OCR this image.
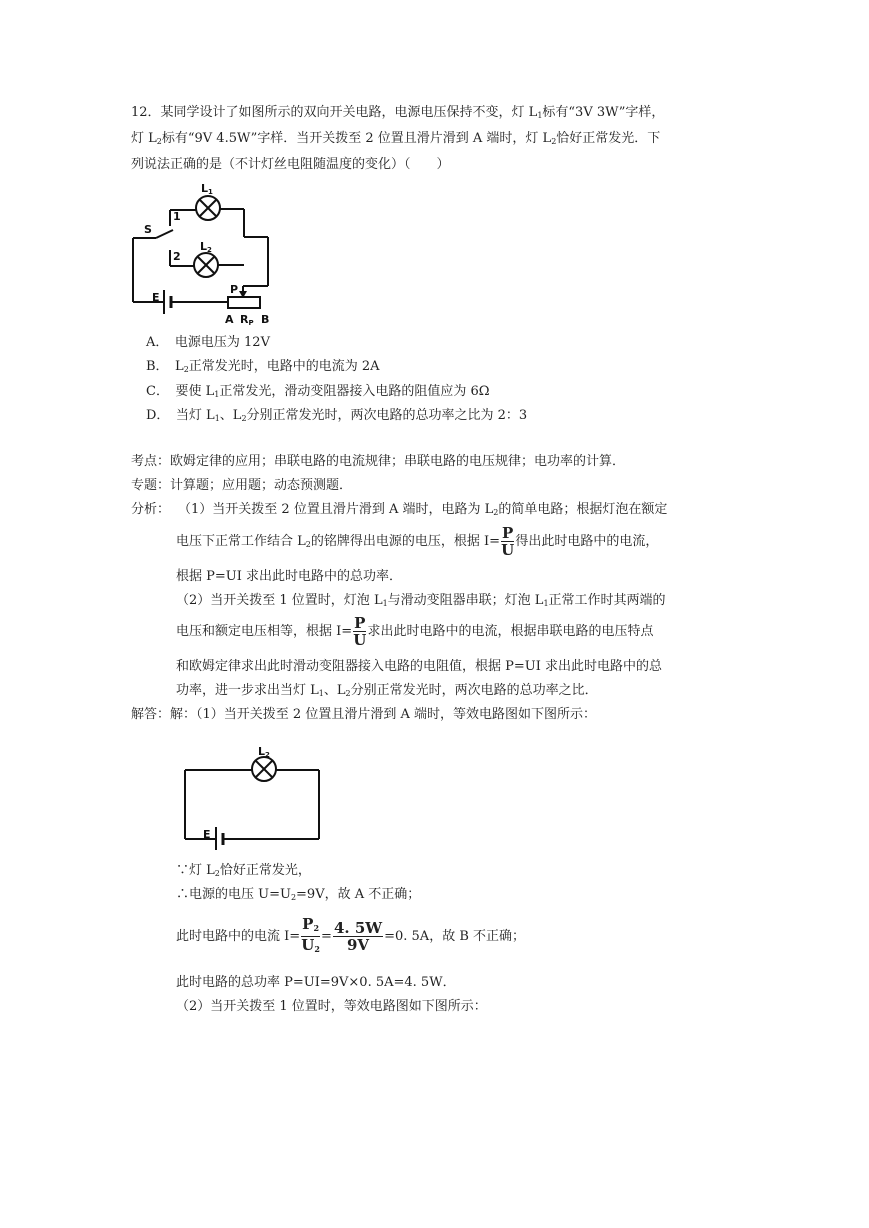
12．某同学设计了如图所示的双向开关电路，电源电压保持不变，灯 $L_1$标有“3V 3W”字样，
灯 $L_2$标有“9V 4.5W”字样．当开关拨至 2 位置且滑片滑到 A 端时，灯 $L_2$恰好正常发光．下
列说法正确的是（不计灯丝电阻随温度的变化）（　　）
L1
L2
S
1
2
E
P
A RP B
A．　电源电压为 12V
B．　$L_2$正常发光时，电路中的电流为 2A
C．　要使 $L_1$正常发光，滑动变阻器接入电路的阻值应为 6Ω
D．　当灯 $L_1$、$L_2$分别正常发光时，两次电路的总功率之比为 2：3
考点：欧姆定律的应用；串联电路的电流规律；串联电路的电压规律；电功率的计算．
专题：计算题；应用题；动态预测题．
分析： （1）当开关拨至 2 位置且滑片滑到 A 端时，电路为 $L_2$的简单电路；根据灯泡在额定
电压下正常工作结合 $L_2$的铭牌得出电源的电压，根据 $I= \frac{P}{U}$ 得出此时电路中的电流，
根据 P=UI 求出此时电路中的总功率．
（2）当开关拨至 1 位置时，灯泡 $L_1$与滑动变阻器串联；灯泡 $L_1$正常工作时其两端的
电压和额定电压相等，根据 $I= \frac{P}{U}$ 求出此时电路中的电流，根据串联电路的电压特点
和欧姆定律求出此时滑动变阻器接入电路的电阻值，根据 P=UI 求出此时电路中的总
功率，进一步求出当灯 $L_1$、$L_2$分别正常发光时，两次电路的总功率之比．
解答：解：（1）当开关拨至 2 位置且滑片滑到 A 端时，等效电路图如下图所示：
L2
E
∵灯 $L_2$恰好正常发光，
∴电源的电压 $U=U_2=9V$，故 A 不正确；
此时电路中的电流 $I= \frac{P_2}{U_2} = \frac{4. 5W}{9V} =0$. 5A，故 B 不正确；
此时电路的总功率 P=UI=9V×0. 5A=4. 5W．
（2）当开关拨至 1 位置时，等效电路图如下图所示：
